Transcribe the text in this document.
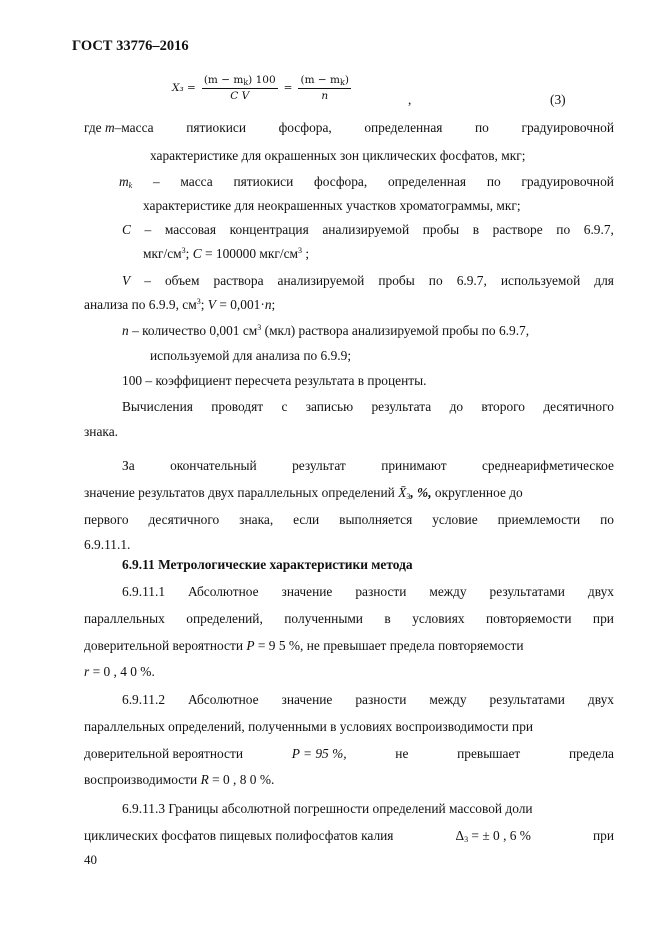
ГОСТ 33776–2016
$X_3 = \frac{(m - m_k) 100}{\text{C V}} = \frac{(m - m_k)}{n}$	,	(3)
где m–масса пятиокиси фосфора, определенная по градуировочной
характеристике для окрашенных зон циклических фосфатов, мкг;
$m_k$ – масса пятиокиси фосфора, определенная по градуировочной
характеристике для неокрашенных участков хроматограммы, мкг;
C – массовая концентрация анализируемой пробы в растворе по 6.9.7,
мкг/$см^3$; C = 100000 мкг/$см^3$ ;
V – объем раствора анализируемой пробы по 6.9.7, используемой для
анализа по 6.9.9, $см^3$; V = 0,001·n;
n – количество 0,001 $см^3$ (мкл) раствора анализируемой пробы по 6.9.7,
используемой для анализа по 6.9.9;
100 – коэффициент пересчета результата в проценты.
Вычисления проводят с записью результата до второго десятичного
знака.
За	окончательный	результат	принимают	среднеарифметическое
значение результатов двух параллельных определений $X̄_3$, %, округленное до
первого десятичного знака, если выполняется условие приемлемости по
6.9.11.1.
6.9.11 Метрологические характеристики метода
6.9.11.1 Абсолютное значение разности между результатами двух
параллельных определений, полученными в условиях повторяемости при
доверительной вероятности P = 9 5 %, не превышает предела повторяемости
r = 0 , 4 0 %.
6.9.11.2 Абсолютное значение разности между результатами двух
параллельных определений, полученными в условиях воспроизводимости при
доверительной вероятности	P = 95 %,	не	превышает	предела
воспроизводимости R = 0 , 8 0 %.
6.9.11.3 Границы абсолютной погрешности определений массовой доли
циклических фосфатов пищевых полифосфатов калия	$\Delta_3$ = ± 0 , 6 %	при
40
